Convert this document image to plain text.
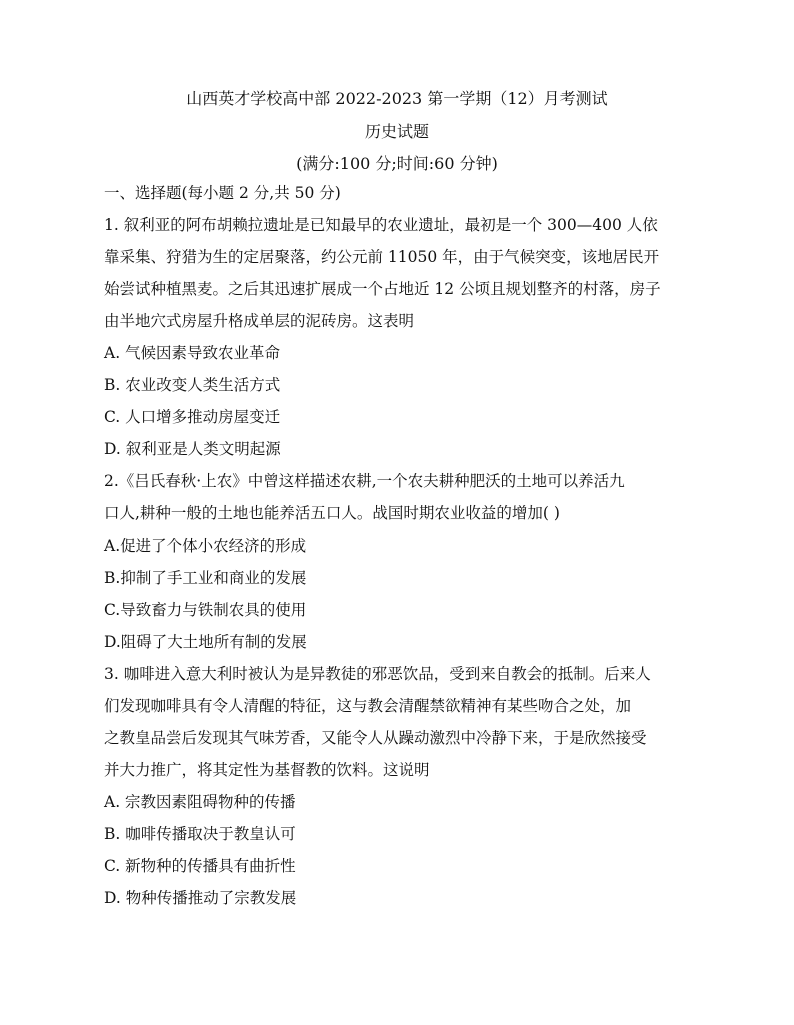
山西英才学校高中部 2022-2023 第一学期（12）月考测试
历史试题
(满分:100 分;时间:60 分钟)
一、选择题(每小题 2 分,共 50 分)
1. 叙利亚的阿布胡赖拉遗址是已知最早的农业遗址，最初是一个 300—400 人依
靠采集、狩猎为生的定居聚落，约公元前 11050 年，由于气候突变，该地居民开
始尝试种植黑麦。之后其迅速扩展成一个占地近 12 公顷且规划整齐的村落，房子
由半地穴式房屋升格成单层的泥砖房。这表明
A. 气候因素导致农业革命
B. 农业改变人类生活方式
C. 人口增多推动房屋变迁
D. 叙利亚是人类文明起源
2.《吕氏春秋·上农》中曾这样描述农耕,一个农夫耕种肥沃的土地可以养活九
口人,耕种一般的土地也能养活五口人。战国时期农业收益的增加( )
A.促进了个体小农经济的形成
B.抑制了手工业和商业的发展
C.导致畜力与铁制农具的使用
D.阻碍了大土地所有制的发展
3. 咖啡进入意大利时被认为是异教徒的邪恶饮品，受到来自教会的抵制。后来人
们发现咖啡具有令人清醒的特征，这与教会清醒禁欲精神有某些吻合之处，加
之教皇品尝后发现其气味芳香，又能令人从躁动激烈中冷静下来，于是欣然接受
并大力推广，将其定性为基督教的饮料。这说明
A. 宗教因素阻碍物种的传播
B. 咖啡传播取决于教皇认可
C. 新物种的传播具有曲折性
D. 物种传播推动了宗教发展
